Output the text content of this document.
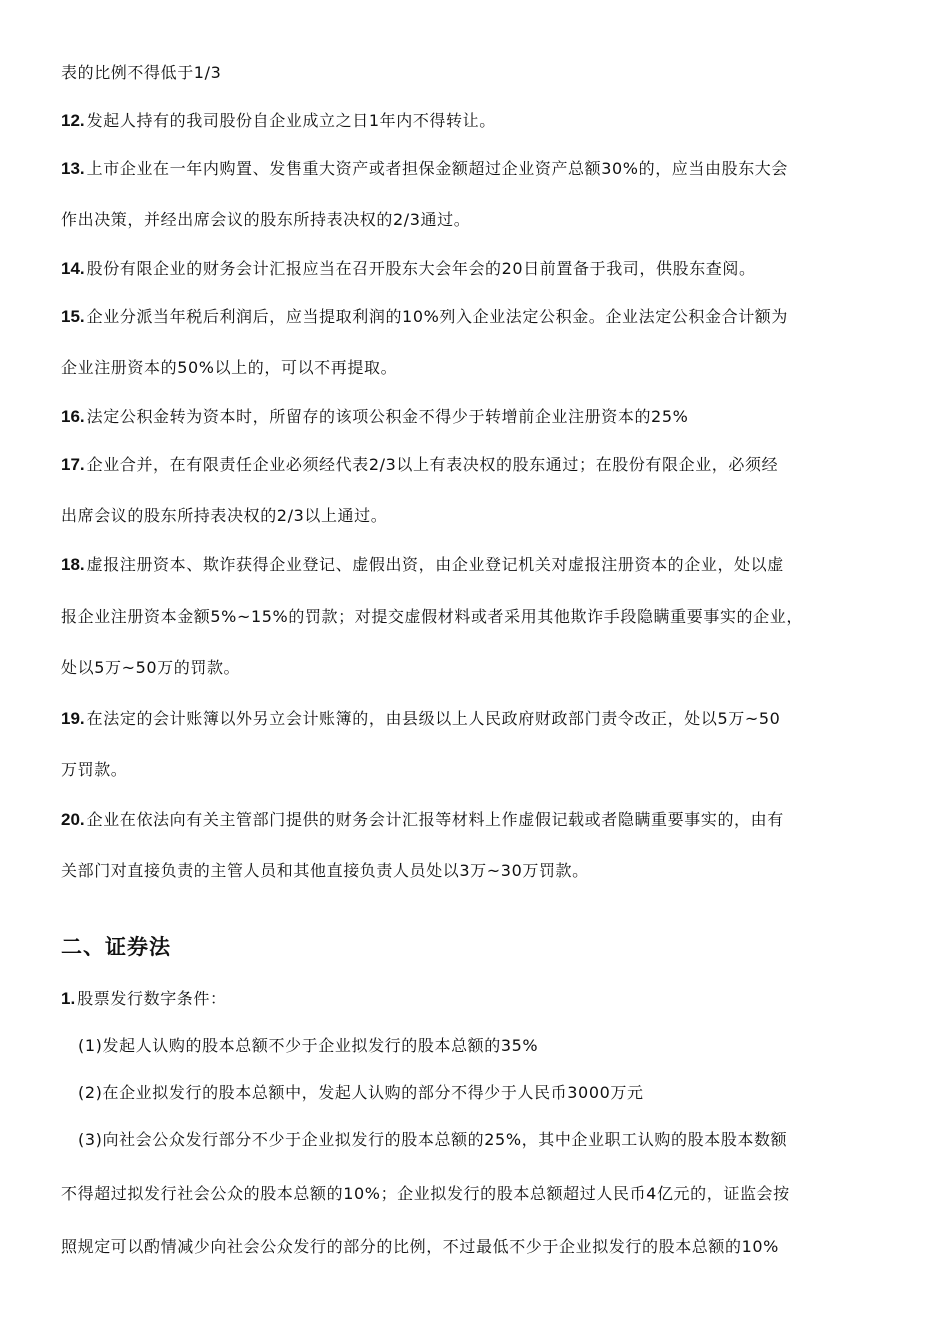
表的比例不得低于1/3
12. 发起人持有的我司股份自企业成立之日1年内不得转让。
13. 上市企业在一年内购置、发售重大资产或者担保金额超过企业资产总额30%的，应当由股东大会
作出决策，并经出席会议的股东所持表决权的2/3通过。
14. 股份有限企业的财务会计汇报应当在召开股东大会年会的20日前置备于我司，供股东查阅。
15. 企业分派当年税后利润后，应当提取利润的10%列入企业法定公积金。企业法定公积金合计额为
企业注册资本的50%以上的，可以不再提取。
16. 法定公积金转为资本时，所留存的该项公积金不得少于转增前企业注册资本的25%
17. 企业合并，在有限责任企业必须经代表2/3以上有表决权的股东通过；在股份有限企业，必须经
出席会议的股东所持表决权的2/3以上通过。
18. 虚报注册资本、欺诈获得企业登记、虚假出资，由企业登记机关对虚报注册资本的企业，处以虚
报企业注册资本金额5%~15%的罚款；对提交虚假材料或者采用其他欺诈手段隐瞒重要事实的企业，
处以5万~50万的罚款。
19. 在法定的会计账簿以外另立会计账簿的，由县级以上人民政府财政部门责令改正，处以5万~50
万罚款。
20. 企业在依法向有关主管部门提供的财务会计汇报等材料上作虚假记载或者隐瞒重要事实的，由有
关部门对直接负责的主管人员和其他直接负责人员处以3万~30万罚款。
二、证券法
1. 股票发行数字条件：
(1)发起人认购的股本总额不少于企业拟发行的股本总额的35%
(2)在企业拟发行的股本总额中，发起人认购的部分不得少于人民币3000万元
(3)向社会公众发行部分不少于企业拟发行的股本总额的25%，其中企业职工认购的股本股本数额
不得超过拟发行社会公众的股本总额的10%；企业拟发行的股本总额超过人民币4亿元的，证监会按
照规定可以酌情减少向社会公众发行的部分的比例，不过最低不少于企业拟发行的股本总额的10%
